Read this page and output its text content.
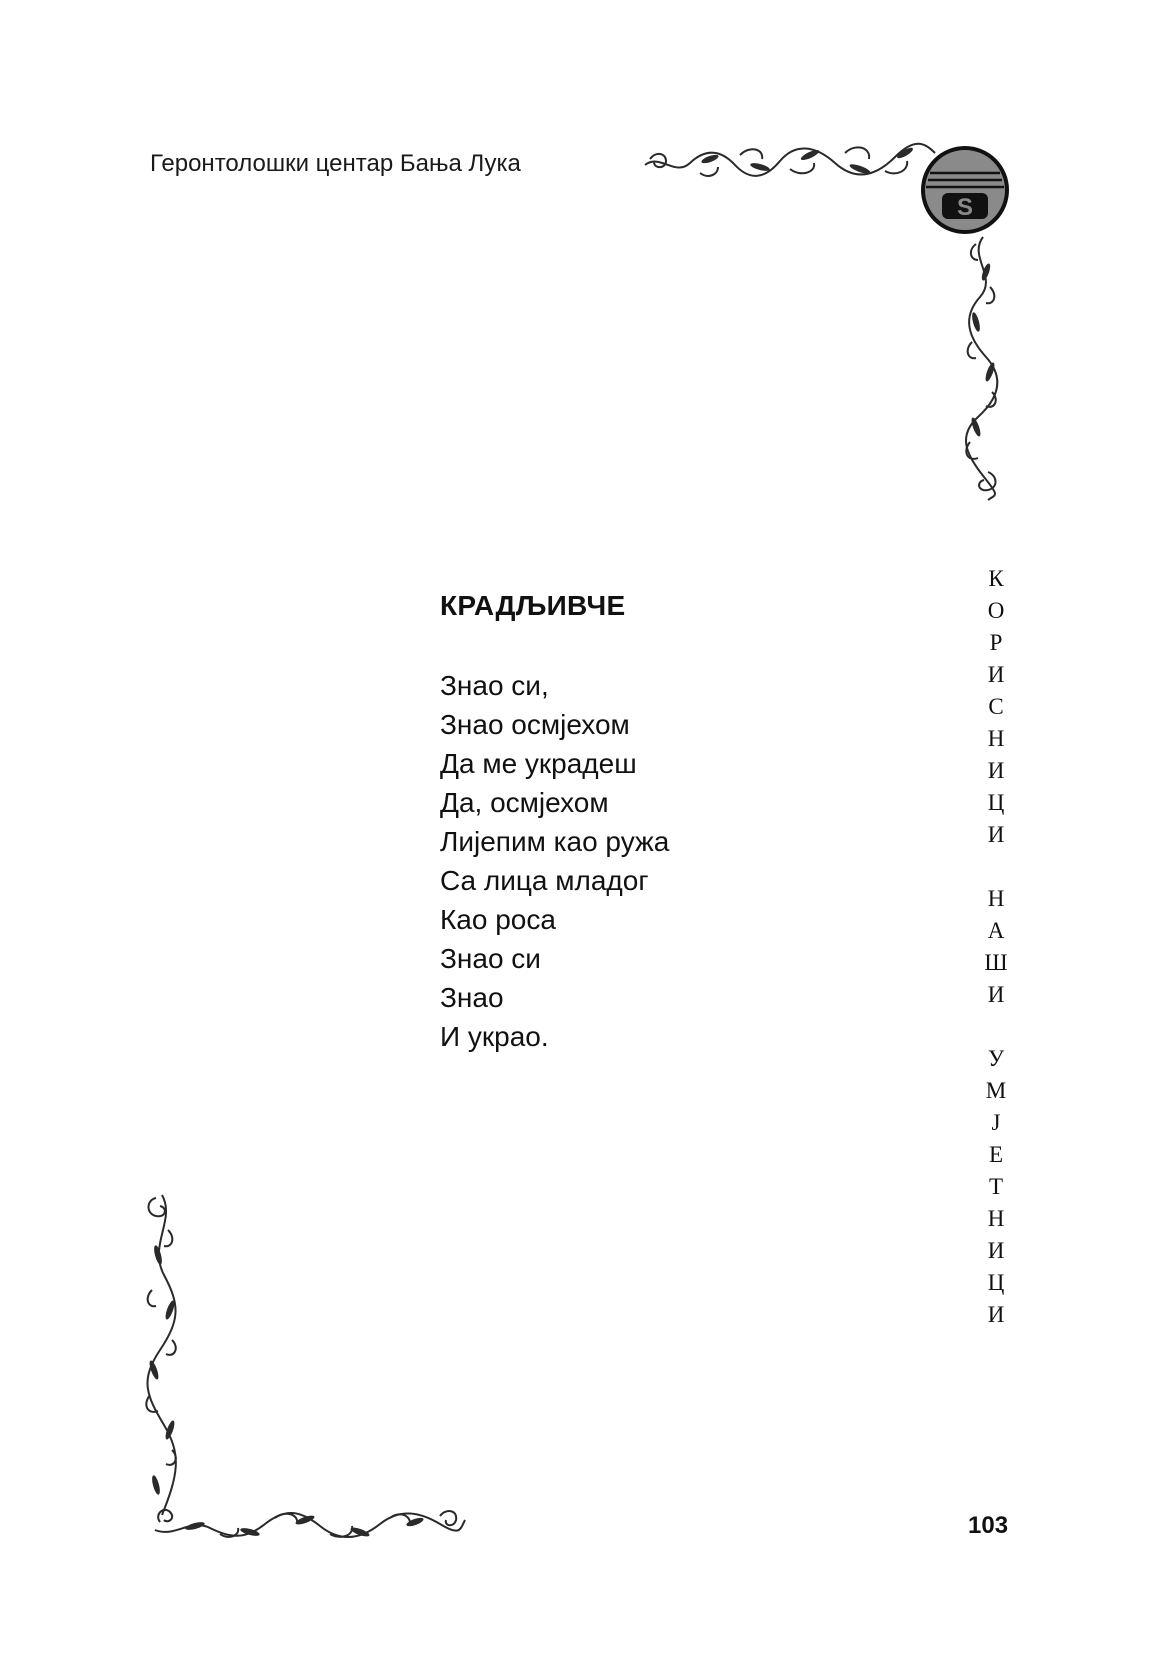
Геронтолошки центар Бања Лука
S
КРАДЉИВЧЕ
Знао си,
Знао осмјехом
Да ме украдеш
Да, осмјехом
Лијепим као ружа
Са лица младог
Као роса
Знао си
Знао
И украо.
К
О
Р
И
С
Н
И
Ц
И
Н
А
Ш
И
У
М
Ј
Е
Т
Н
И
Ц
И
103
